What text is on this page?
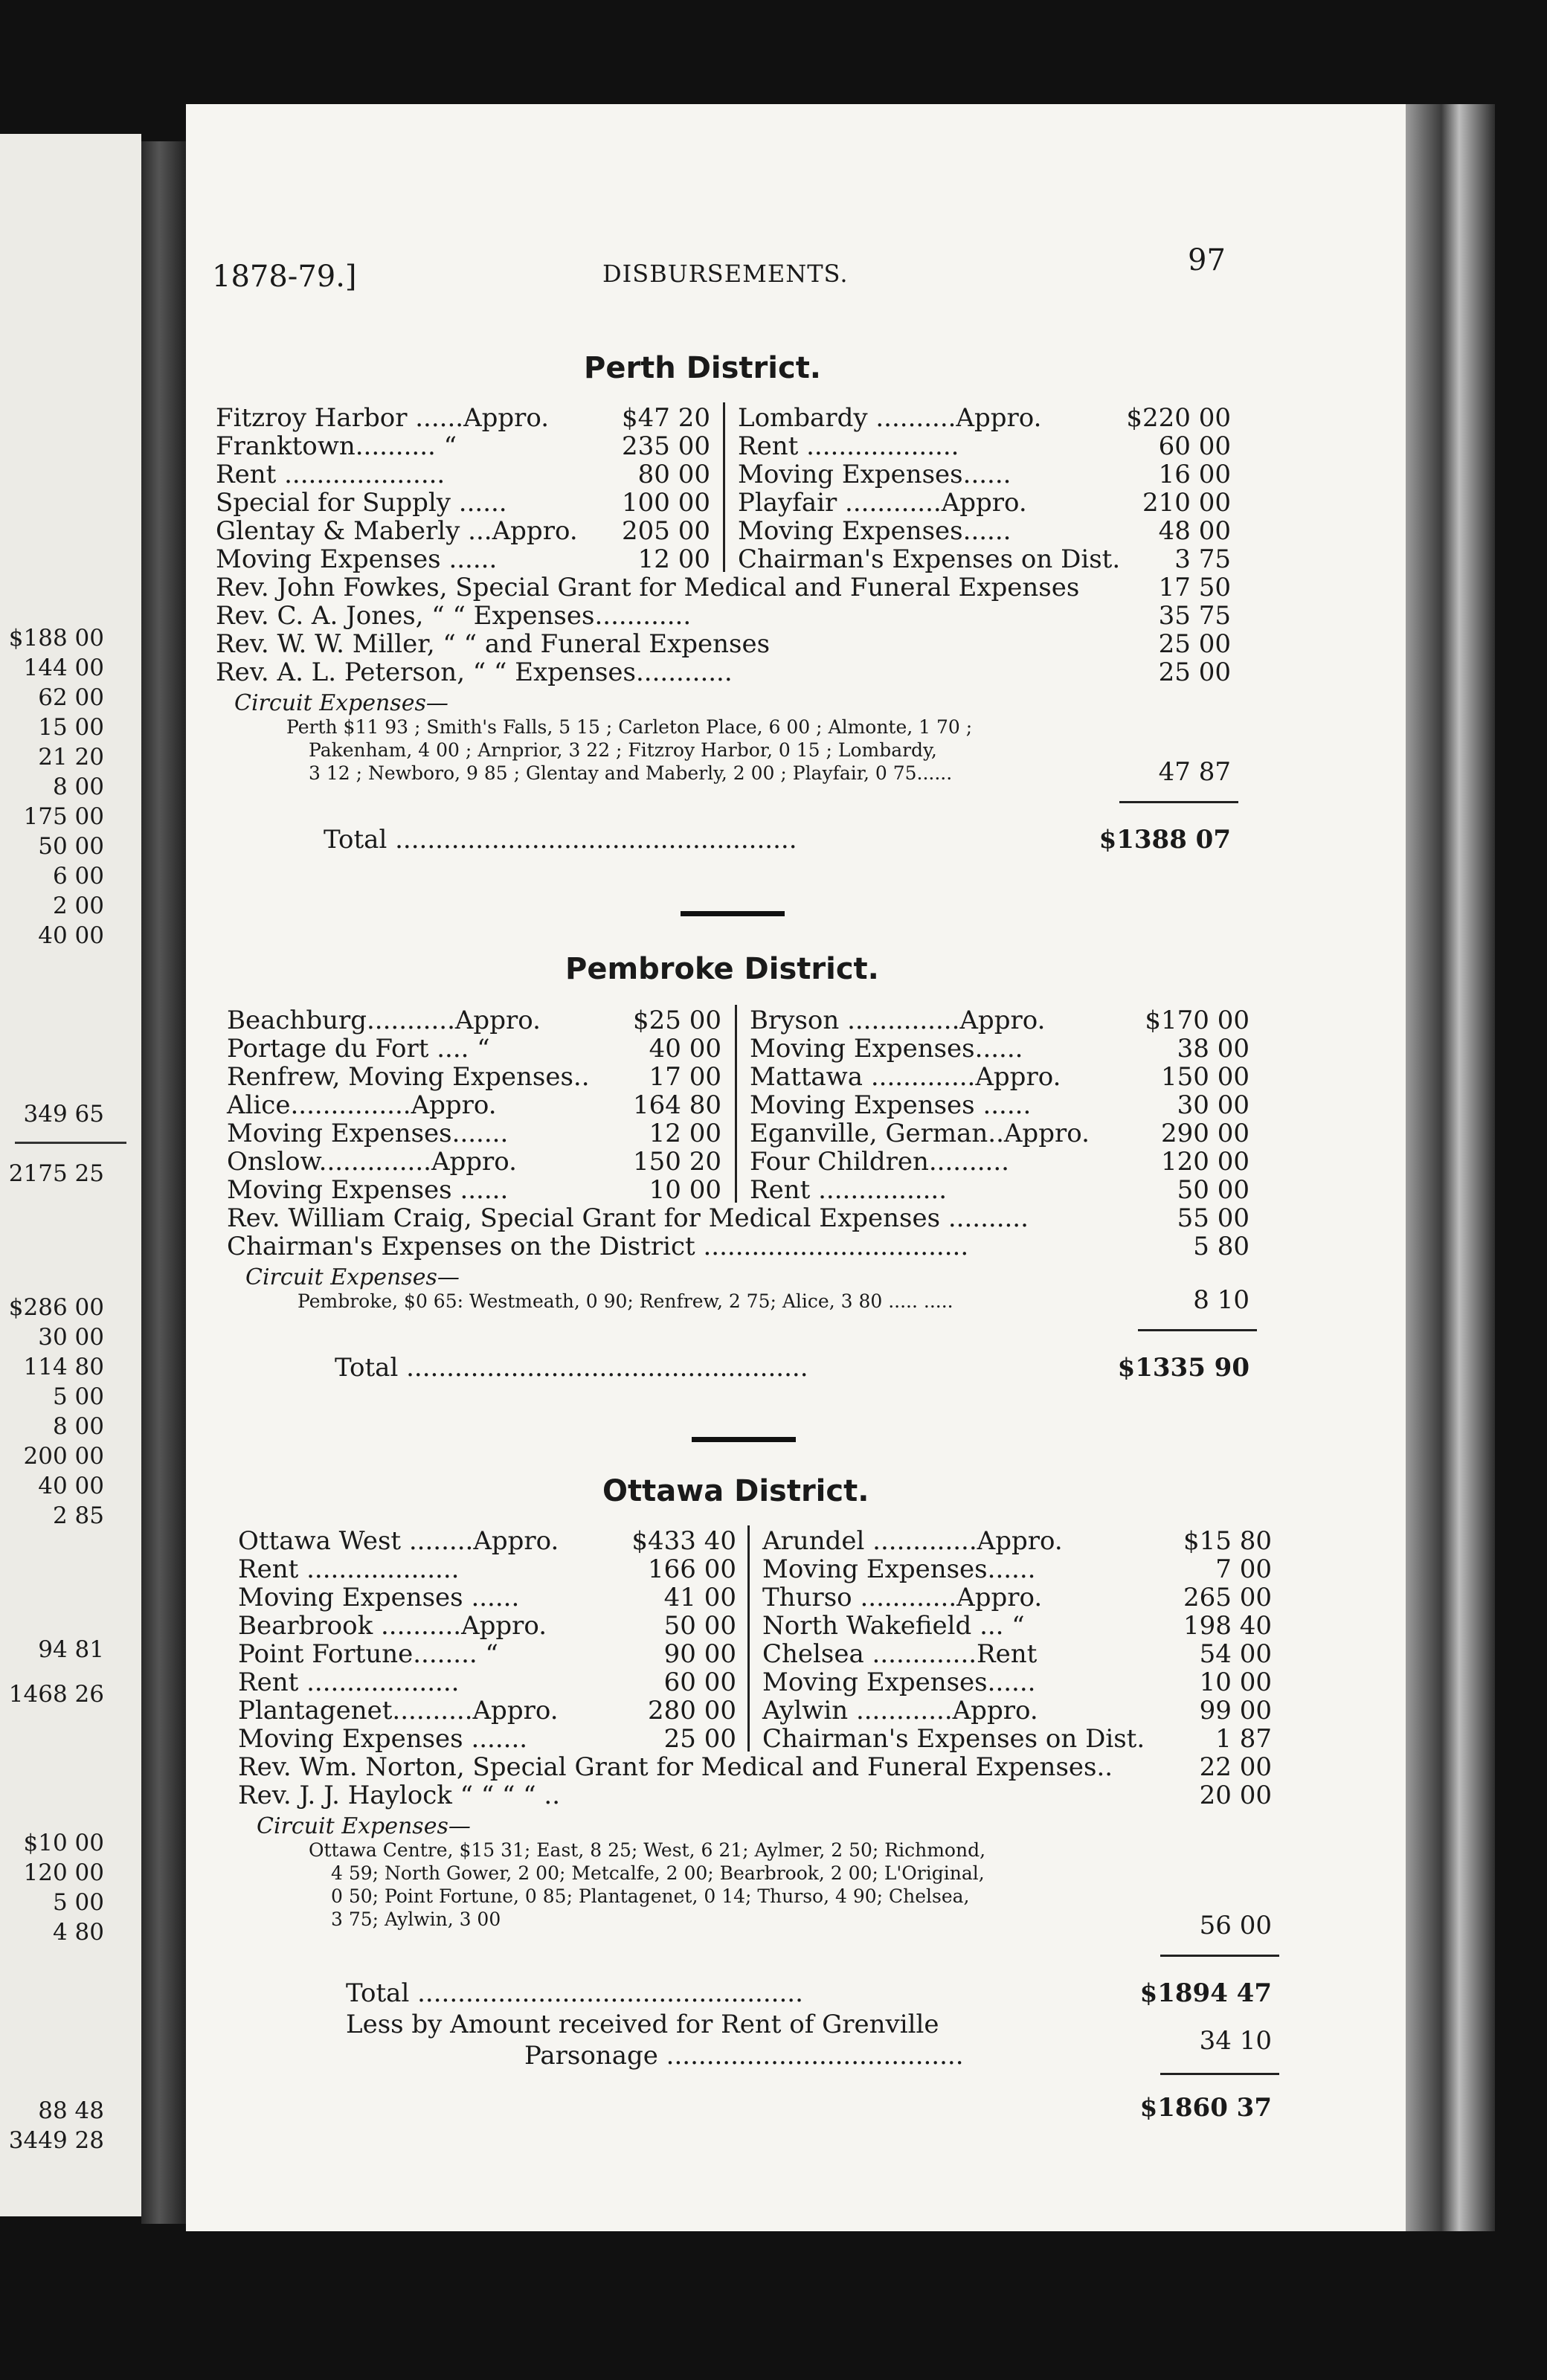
$188 00
144 00
62 00
15 00
21 20
8 00
175 00
50 00
6 00
2 00
40 00
349 65
2175 25
$286 00
30 00
114 80
5 00
8 00
200 00
40 00
2 85
94 81
1468 26
$10 00
120 00
5 00
4 80
88 48
3449 28
1878-79.]	DISBURSEMENTS.	97
Perth District.
Fitzroy Harbor ......Appro.	$47 20
Franktown.......... “	235 00
Rent ....................	80 00
Special for Supply ......	100 00
Glentay & Maberly ...Appro.	205 00
Moving Expenses ......	12 00
Lombardy ..........Appro.	$220 00
Rent ...................	60 00
Moving Expenses......	16 00
Playfair ............Appro.	210 00
Moving Expenses......	48 00
Chairman's Expenses on Dist.	3 75
Rev. John Fowkes, Special Grant for Medical and Funeral Expenses	17 50
Rev. C. A. Jones, “ “ Expenses............	35 75
Rev. W. W. Miller, “ “ and Funeral Expenses	25 00
Rev. A. L. Peterson, “ “ Expenses............	25 00
Circuit Expenses—
Perth $11 93 ; Smith's Falls, 5 15 ; Carleton Place, 6 00 ; Almonte, 1 70 ;
Pakenham, 4 00 ; Arnprior, 3 22 ; Fitzroy Harbor, 0 15 ; Lombardy,
3 12 ; Newboro, 9 85 ; Glentay and Maberly, 2 00 ; Playfair, 0 75......	47 87
Total ..................................................	$1388 07
Pembroke District.
Beachburg...........Appro.	$25 00
Portage du Fort .... “	40 00
Renfrew, Moving Expenses..	17 00
Alice...............Appro.	164 80
Moving Expenses.......	12 00
Onslow..............Appro.	150 20
Moving Expenses ......	10 00
Bryson ..............Appro.	$170 00
Moving Expenses......	38 00
Mattawa .............Appro.	150 00
Moving Expenses ......	30 00
Eganville, German..Appro.	290 00
Four Children..........	120 00
Rent ................	50 00
Rev. William Craig, Special Grant for Medical Expenses ..........	55 00
Chairman's Expenses on the District .................................	5 80
Circuit Expenses—
Pembroke, $0 65: Westmeath, 0 90; Renfrew, 2 75; Alice, 3 80 ..... .....	8 10
Total ..................................................	$1335 90
Ottawa District.
Ottawa West ........Appro.	$433 40
Rent ...................	166 00
Moving Expenses ......	41 00
Bearbrook ..........Appro.	50 00
Point Fortune........ “	90 00
Rent ...................	60 00
Plantagenet..........Appro.	280 00
Moving Expenses .......	25 00
Arundel .............Appro.	$15 80
Moving Expenses......	7 00
Thurso ............Appro.	265 00
North Wakefield ... “	198 40
Chelsea .............Rent	54 00
Moving Expenses......	10 00
Aylwin ............Appro.	99 00
Chairman's Expenses on Dist.	1 87
Rev. Wm. Norton, Special Grant for Medical and Funeral Expenses..	22 00
Rev. J. J. Haylock “ “ “ “ ..	20 00
Circuit Expenses—
Ottawa Centre, $15 31; East, 8 25; West, 6 21; Aylmer, 2 50; Richmond,
4 59; North Gower, 2 00; Metcalfe, 2 00; Bearbrook, 2 00; L'Original,
0 50; Point Fortune, 0 85; Plantagenet, 0 14; Thurso, 4 90; Chelsea,
3 75; Aylwin, 3 00	56 00
Total ................................................	$1894 47
Less by Amount received for Rent of Grenville
Parsonage .....................................	34 10
$1860 37
